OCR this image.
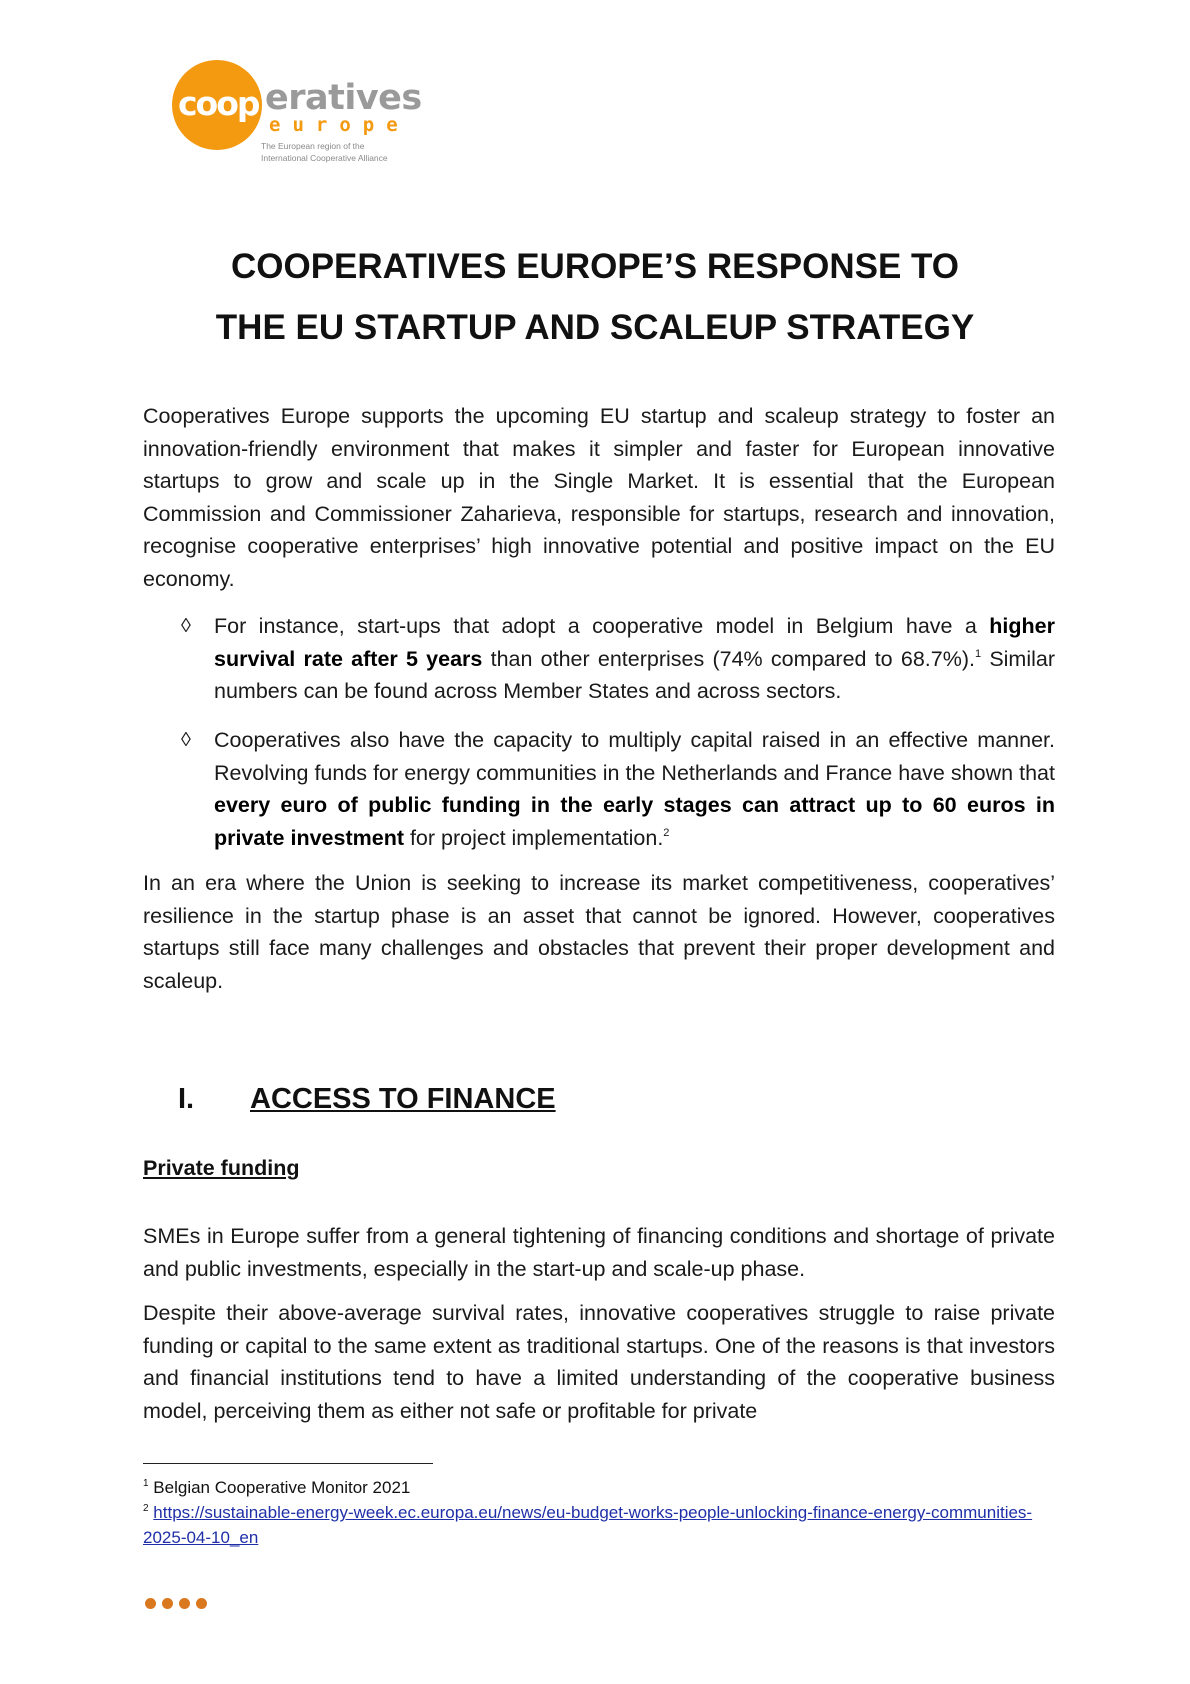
coop eratives
europe
The European region of the
International Cooperative Alliance
COOPERATIVES EUROPE’S RESPONSE TO
THE EU STARTUP AND SCALEUP STRATEGY
Cooperatives Europe supports the upcoming EU startup and scaleup strategy to foster an innovation-friendly environment that makes it simpler and faster for European innovative startups to grow and scale up in the Single Market. It is essential that the European Commission and Commissioner Zaharieva, responsible for startups, research and innovation, recognise cooperative enterprises’ high innovative potential and positive impact on the EU economy.
◊	For instance, start-ups that adopt a cooperative model in Belgium have a higher survival rate after 5 years than other enterprises (74% compared to 68.7%).$^1$ Similar numbers can be found across Member States and across sectors.
◊	Cooperatives also have the capacity to multiply capital raised in an effective manner. Revolving funds for energy communities in the Netherlands and France have shown that every euro of public funding in the early stages can attract up to 60 euros in private investment for project implementation.$^2$
In an era where the Union is seeking to increase its market competitiveness, cooperatives’ resilience in the startup phase is an asset that cannot be ignored. However, cooperatives startups still face many challenges and obstacles that prevent their proper development and scaleup.
I. ACCESS TO FINANCE
Private funding
SMEs in Europe suffer from a general tightening of financing conditions and shortage of private and public investments, especially in the start-up and scale-up phase.
Despite their above-average survival rates, innovative cooperatives struggle to raise private funding or capital to the same extent as traditional startups. One of the reasons is that investors and financial institutions tend to have a limited understanding of the cooperative business model, perceiving them as either not safe or profitable for private
$^1$ Belgian Cooperative Monitor 2021
$^2$ https://sustainable-energy-week.ec.europa.eu/news/eu-budget-works-people-unlocking-finance-energy-communities-2025-04-10_en
